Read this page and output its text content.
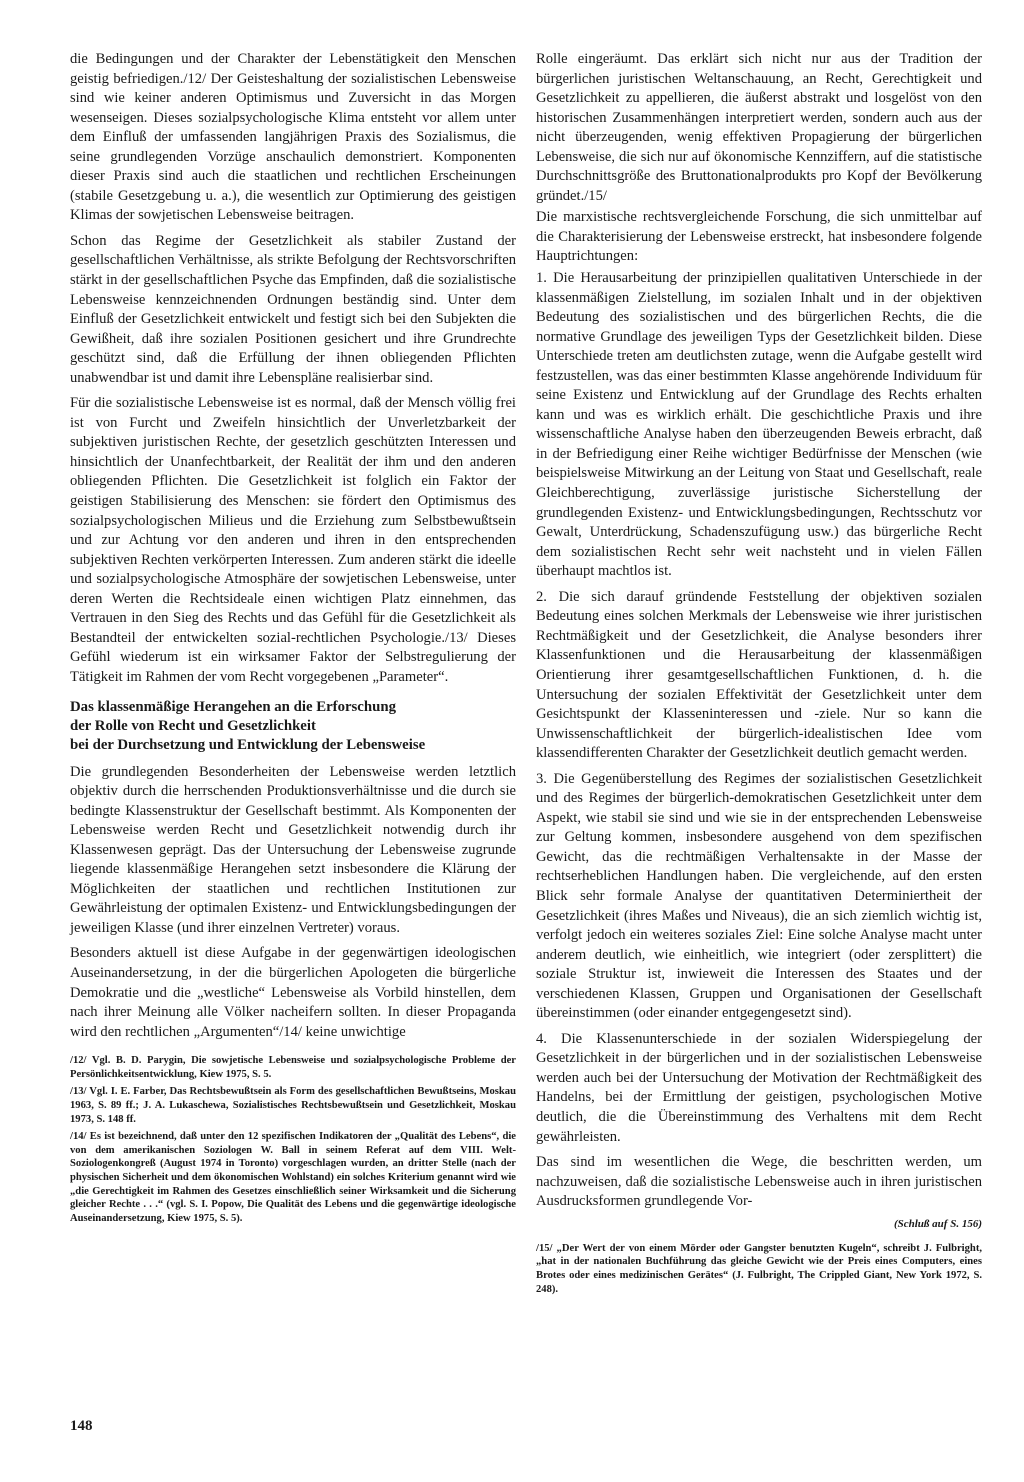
die Bedingungen und der Charakter der Lebenstätigkeit den Menschen geistig befriedigen./12/ Der Geisteshaltung der sozialistischen Lebensweise sind wie keiner anderen Optimismus und Zuversicht in das Morgen wesenseigen. Dieses sozialpsychologische Klima entsteht vor allem unter dem Einfluß der umfassenden langjährigen Praxis des Sozialismus, die seine grundlegenden Vorzüge anschaulich demonstriert. Komponenten dieser Praxis sind auch die staatlichen und rechtlichen Erscheinungen (stabile Gesetzgebung u. a.), die wesentlich zur Optimierung des geistigen Klimas der sowjetischen Lebensweise beitragen.

Schon das Regime der Gesetzlichkeit als stabiler Zustand der gesellschaftlichen Verhältnisse, als strikte Befolgung der Rechtsvorschriften stärkt in der gesellschaftlichen Psyche das Empfinden, daß die sozialistische Lebensweise kennzeichnenden Ordnungen beständig sind. Unter dem Einfluß der Gesetzlichkeit entwickelt und festigt sich bei den Subjekten die Gewißheit, daß ihre sozialen Positionen gesichert und ihre Grundrechte geschützt sind, daß die Erfüllung der ihnen obliegenden Pflichten unabwendbar ist und damit ihre Lebenspläne realisierbar sind.

Für die sozialistische Lebensweise ist es normal, daß der Mensch völlig frei ist von Furcht und Zweifeln hinsichtlich der Unverletzbarkeit der subjektiven juristischen Rechte, der gesetzlich geschützten Interessen und hinsichtlich der Unanfechtbarkeit, der Realität der ihm und den anderen obliegenden Pflichten. Die Gesetzlichkeit ist folglich ein Faktor der geistigen Stabilisierung des Menschen: sie fördert den Optimismus des sozialpsychologischen Milieus und die Erziehung zum Selbstbewußtsein und zur Achtung vor den anderen und ihren in den entsprechenden subjektiven Rechten verkörperten Interessen. Zum anderen stärkt die ideelle und sozialpsychologische Atmosphäre der sowjetischen Lebensweise, unter deren Werten die Rechtsideale einen wichtigen Platz einnehmen, das Vertrauen in den Sieg des Rechts und das Gefühl für die Gesetzlichkeit als Bestandteil der entwickelten sozial-rechtlichen Psychologie./13/ Dieses Gefühl wiederum ist ein wirksamer Faktor der Selbstregulierung der Tätigkeit im Rahmen der vom Recht vorgegebenen „Parameter“.

Das klassenmäßige Herangehen an die Erforschung
der Rolle von Recht und Gesetzlichkeit
bei der Durchsetzung und Entwicklung der Lebensweise

Die grundlegenden Besonderheiten der Lebensweise werden letztlich objektiv durch die herrschenden Produktionsverhältnisse und die durch sie bedingte Klassenstruktur der Gesellschaft bestimmt. Als Komponenten der Lebensweise werden Recht und Gesetzlichkeit notwendig durch ihr Klassenwesen geprägt. Das der Untersuchung der Lebensweise zugrunde liegende klassenmäßige Herangehen setzt insbesondere die Klärung der Möglichkeiten der staatlichen und rechtlichen Institutionen zur Gewährleistung der optimalen Existenz- und Entwicklungsbedingungen der jeweiligen Klasse (und ihrer einzelnen Vertreter) voraus.

Besonders aktuell ist diese Aufgabe in der gegenwärtigen ideologischen Auseinandersetzung, in der die bürgerlichen Apologeten die bürgerliche Demokratie und die „westliche“ Lebensweise als Vorbild hinstellen, dem nach ihrer Meinung alle Völker nacheifern sollten. In dieser Propaganda wird den rechtlichen „Argumenten“/14/ keine unwichtige

/12/ Vgl. B. D. Parygin, Die sowjetische Lebensweise und sozialpsychologische Probleme der Persönlichkeitsentwicklung, Kiew 1975, S. 5.
/13/ Vgl. I. E. Farber, Das Rechtsbewußtsein als Form des gesellschaftlichen Bewußtseins, Moskau 1963, S. 89 ff.; J. A. Lukaschewa, Sozialistisches Rechtsbewußtsein und Gesetzlichkeit, Moskau 1973, S. 148 ff.
/14/ Es ist bezeichnend, daß unter den 12 spezifischen Indikatoren der „Qualität des Lebens“, die von dem amerikanischen Soziologen W. Ball in seinem Referat auf dem VIII. Welt-Soziologenkongreß (August 1974 in Toronto) vorgeschlagen wurden, an dritter Stelle (nach der physischen Sicherheit und dem ökonomischen Wohlstand) ein solches Kriterium genannt wird wie „die Gerechtigkeit im Rahmen des Gesetzes einschließlich seiner Wirksamkeit und die Sicherung gleicher Rechte . . .“ (vgl. S. I. Popow, Die Qualität des Lebens und die gegenwärtige ideologische Auseinandersetzung, Kiew 1975, S. 5).

Rolle eingeräumt. Das erklärt sich nicht nur aus der Tradition der bürgerlichen juristischen Weltanschauung, an Recht, Gerechtigkeit und Gesetzlichkeit zu appellieren, die äußerst abstrakt und losgelöst von den historischen Zusammenhängen interpretiert werden, sondern auch aus der nicht überzeugenden, wenig effektiven Propagierung der bürgerlichen Lebensweise, die sich nur auf ökonomische Kennziffern, auf die statistische Durchschnittsgröße des Bruttonationalprodukts pro Kopf der Bevölkerung gründet./15/

Die marxistische rechtsvergleichende Forschung, die sich unmittelbar auf die Charakterisierung der Lebensweise erstreckt, hat insbesondere folgende Hauptrichtungen:

1. Die Herausarbeitung der prinzipiellen qualitativen Unterschiede in der klassenmäßigen Zielstellung, im sozialen Inhalt und in der objektiven Bedeutung des sozialistischen und des bürgerlichen Rechts, die die normative Grundlage des jeweiligen Typs der Gesetzlichkeit bilden. Diese Unterschiede treten am deutlichsten zutage, wenn die Aufgabe gestellt wird festzustellen, was das einer bestimmten Klasse angehörende Individuum für seine Existenz und Entwicklung auf der Grundlage des Rechts erhalten kann und was es wirklich erhält. Die geschichtliche Praxis und ihre wissenschaftliche Analyse haben den überzeugenden Beweis erbracht, daß in der Befriedigung einer Reihe wichtiger Bedürfnisse der Menschen (wie beispielsweise Mitwirkung an der Leitung von Staat und Gesellschaft, reale Gleichberechtigung, zuverlässige juristische Sicherstellung der grundlegenden Existenz- und Entwicklungsbedingungen, Rechtsschutz vor Gewalt, Unterdrückung, Schadenszufügung usw.) das bürgerliche Recht dem sozialistischen Recht sehr weit nachsteht und in vielen Fällen überhaupt machtlos ist.

2. Die sich darauf gründende Feststellung der objektiven sozialen Bedeutung eines solchen Merkmals der Lebensweise wie ihrer juristischen Rechtmäßigkeit und der Gesetzlichkeit, die Analyse besonders ihrer Klassenfunktionen und die Herausarbeitung der klassenmäßigen Orientierung ihrer gesamtgesellschaftlichen Funktionen, d. h. die Untersuchung der sozialen Effektivität der Gesetzlichkeit unter dem Gesichtspunkt der Klasseninteressen und -ziele. Nur so kann die Unwissenschaftlichkeit der bürgerlich-idealistischen Idee vom klassendifferenten Charakter der Gesetzlichkeit deutlich gemacht werden.

3. Die Gegenüberstellung des Regimes der sozialistischen Gesetzlichkeit und des Regimes der bürgerlich-demokratischen Gesetzlichkeit unter dem Aspekt, wie stabil sie sind und wie sie in der entsprechenden Lebensweise zur Geltung kommen, insbesondere ausgehend von dem spezifischen Gewicht, das die rechtmäßigen Verhaltensakte in der Masse der rechtserheblichen Handlungen haben. Die vergleichende, auf den ersten Blick sehr formale Analyse der quantitativen Determiniertheit der Gesetzlichkeit (ihres Maßes und Niveaus), die an sich ziemlich wichtig ist, verfolgt jedoch ein weiteres soziales Ziel: Eine solche Analyse macht unter anderem deutlich, wie einheitlich, wie integriert (oder zersplittert) die soziale Struktur ist, inwieweit die Interessen des Staates und der verschiedenen Klassen, Gruppen und Organisationen der Gesellschaft übereinstimmen (oder einander entgegengesetzt sind).

4. Die Klassenunterschiede in der sozialen Widerspiegelung der Gesetzlichkeit in der bürgerlichen und in der sozialistischen Lebensweise werden auch bei der Untersuchung der Motivation der Rechtmäßigkeit des Handelns, bei der Ermittlung der geistigen, psychologischen Motive deutlich, die die Übereinstimmung des Verhaltens mit dem Recht gewährleisten.

Das sind im wesentlichen die Wege, die beschritten werden, um nachzuweisen, daß die sozialistische Lebensweise auch in ihren juristischen Ausdrucksformen grundlegende Vor-

(Schluß auf S. 156)
/15/ „Der Wert der von einem Mörder oder Gangster benutzten Kugeln“, schreibt J. Fulbright, „hat in der nationalen Buchführung das gleiche Gewicht wie der Preis eines Computers, eines Brotes oder eines medizinischen Gerätes“ (J. Fulbright, The Crippled Giant, New York 1972, S. 248).
148
